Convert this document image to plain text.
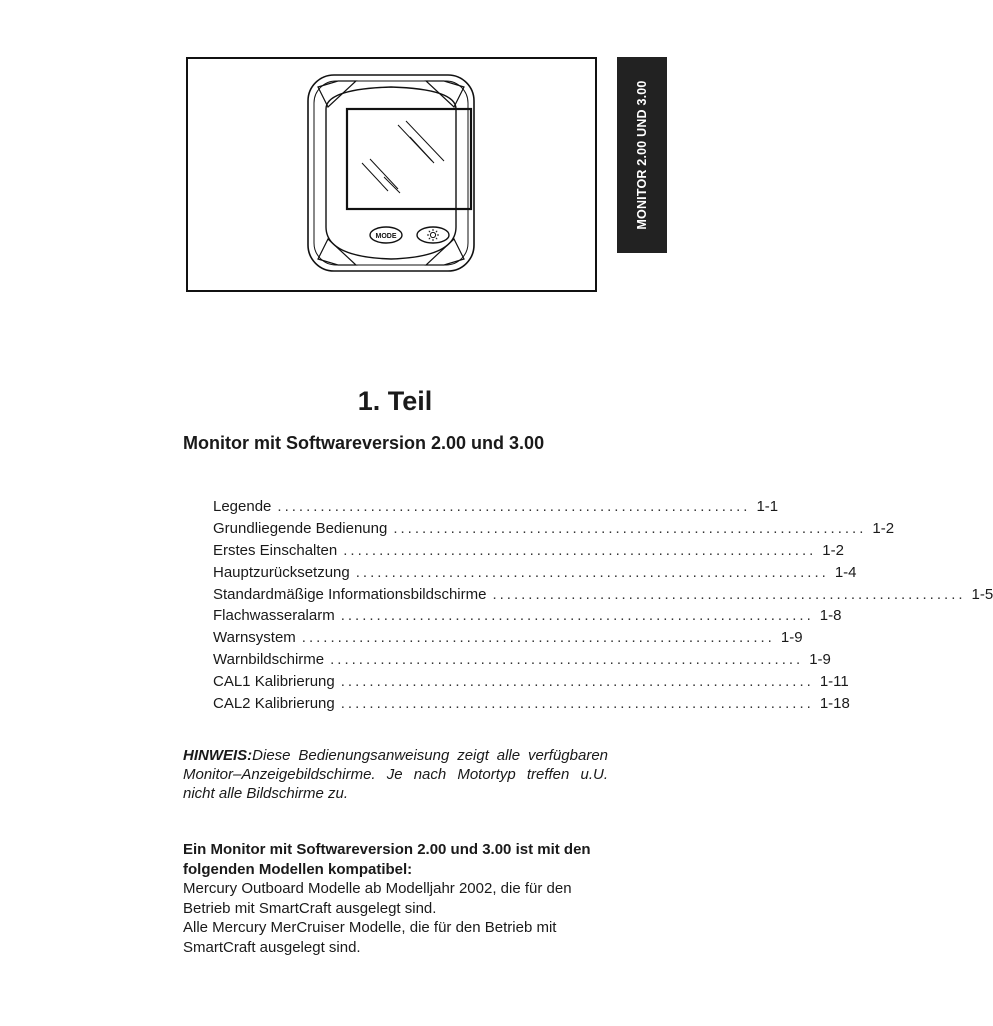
MODE
MONITOR 2.00 UND 3.00
1. Teil
Monitor mit Softwareversion 2.00 und 3.00
Legende .................................................................. 1-1
Grundliegende Bedienung .................................................................. 1-2
Erstes Einschalten .................................................................. 1-2
Hauptzurücksetzung .................................................................. 1-4
Standardmäßige Informationsbildschirme .................................................................. 1-5
Flachwasseralarm .................................................................. 1-8
Warnsystem .................................................................. 1-9
Warnbildschirme .................................................................. 1-9
CAL1 Kalibrierung .................................................................. 1-11
CAL2 Kalibrierung .................................................................. 1-18

HINWEIS:Diese Bedienungsanweisung zeigt alle verfügbaren Monitor–Anzeigebildschirme. Je nach Motortyp treffen u.U. nicht alle Bildschirme zu.

Ein Monitor mit Softwareversion 2.00 und 3.00 ist mit den folgenden Modellen kompatibel:

Mercury Outboard Modelle ab Modelljahr 2002, die für den Betrieb mit SmartCraft ausgelegt sind.

Alle Mercury MerCruiser Modelle, die für den Betrieb mit SmartCraft ausgelegt sind.
